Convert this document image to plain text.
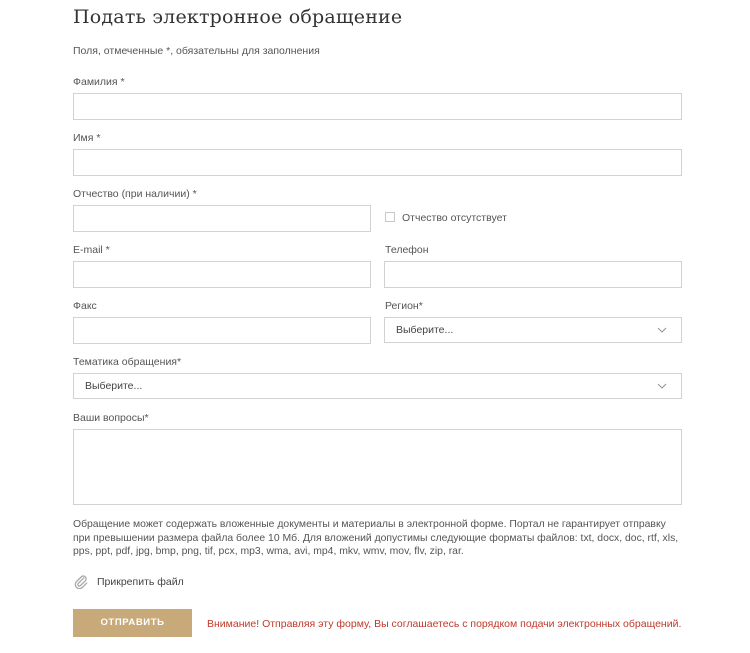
Подать электронное обращение
Поля, отмеченные *, обязательны для заполнения
Фамилия *
Имя *
Отчество (при наличии) *
Отчество отсутствует
E-mail *	Телефон
Факс	Регион*
Выберите...
Тематика обращения*
Выберите...
Ваши вопросы*
Обращение может содержать вложенные документы и материалы в электронной форме. Портал не гарантирует отправку при превышении размера файла более 10 Мб. Для вложений допустимы следующие форматы файлов: txt, docx, doc, rtf, xls, pps, ppt, pdf, jpg, bmp, png, tif, pcx, mp3, wma, avi, mp4, mkv, wmv, mov, flv, zip, rar.
Прикрепить файл
ОТПРАВИТЬ	Внимание! Отправляя эту форму, Вы соглашаетесь с порядком подачи электронных обращений.
